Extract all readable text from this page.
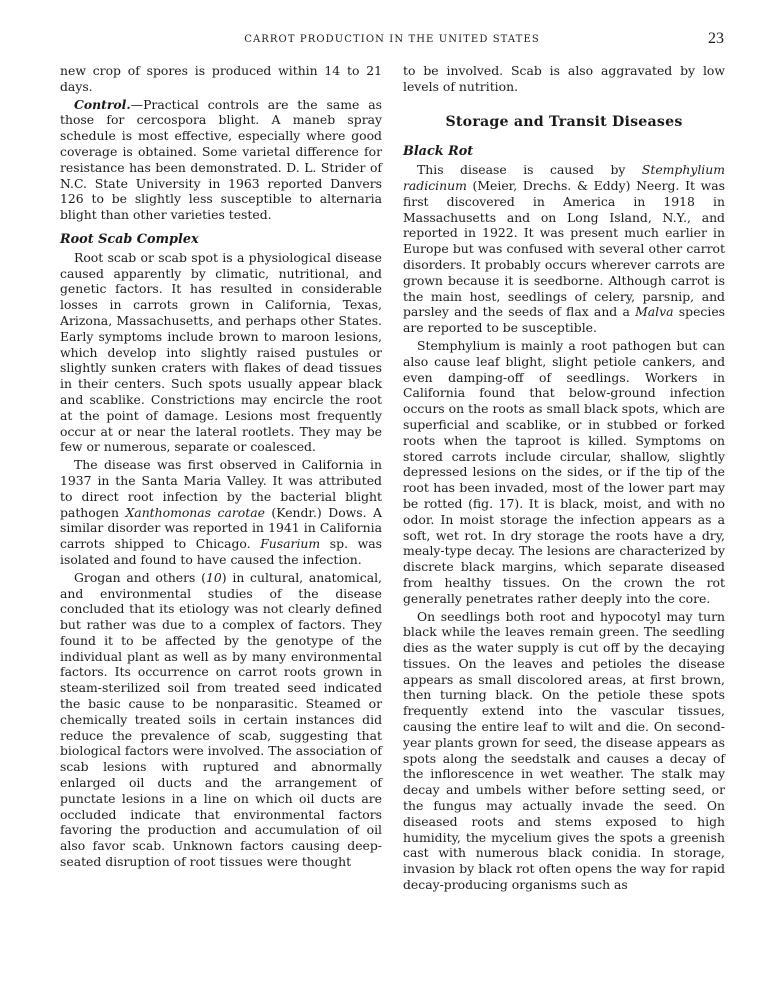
CARROT PRODUCTION IN THE UNITED STATES	23

new crop of spores is produced within 14 to 21 days.

Control.—Practical controls are the same as those for cercospora blight. A maneb spray schedule is most effective, especially where good coverage is obtained. Some varietal difference for resistance has been demonstrated. D. L. Strider of N.C. State University in 1963 reported Danvers 126 to be slightly less susceptible to alternaria blight than other varieties tested.

Root Scab Complex

Root scab or scab spot is a physiological disease caused apparently by climatic, nutritional, and genetic factors. It has resulted in considerable losses in carrots grown in California, Texas, Arizona, Massachusetts, and perhaps other States. Early symptoms include brown to maroon lesions, which develop into slightly raised pustules or slightly sunken craters with flakes of dead tissues in their centers. Such spots usually appear black and scablike. Constrictions may encircle the root at the point of damage. Lesions most frequently occur at or near the lateral rootlets. They may be few or numerous, separate or coalesced.

The disease was first observed in California in 1937 in the Santa Maria Valley. It was attributed to direct root infection by the bacterial blight pathogen Xanthomonas carotae (Kendr.) Dows. A similar disorder was reported in 1941 in California carrots shipped to Chicago. Fusarium sp. was isolated and found to have caused the infection.

Grogan and others (10) in cultural, anatomical, and environmental studies of the disease concluded that its etiology was not clearly defined but rather was due to a complex of factors. They found it to be affected by the genotype of the individual plant as well as by many environmental factors. Its occurrence on carrot roots grown in steam-sterilized soil from treated seed indicated the basic cause to be nonparasitic. Steamed or chemically treated soils in certain instances did reduce the prevalence of scab, suggesting that biological factors were involved. The association of scab lesions with ruptured and abnormally enlarged oil ducts and the arrangement of punctate lesions in a line on which oil ducts are occluded indicate that environmental factors favoring the production and accumulation of oil also favor scab. Unknown factors causing deep-seated disruption of root tissues were thought

to be involved. Scab is also aggravated by low levels of nutrition.

Storage and Transit Diseases
Black Rot

This disease is caused by Stemphylium radicinum (Meier, Drechs. & Eddy) Neerg. It was first discovered in America in 1918 in Massachusetts and on Long Island, N.Y., and reported in 1922. It was present much earlier in Europe but was confused with several other carrot disorders. It probably occurs wherever carrots are grown because it is seedborne. Although carrot is the main host, seedlings of celery, parsnip, and parsley and the seeds of flax and a Malva species are reported to be susceptible.

Stemphylium is mainly a root pathogen but can also cause leaf blight, slight petiole cankers, and even damping-off of seedlings. Workers in California found that below-ground infection occurs on the roots as small black spots, which are superficial and scablike, or in stubbed or forked roots when the taproot is killed. Symptoms on stored carrots include circular, shallow, slightly depressed lesions on the sides, or if the tip of the root has been invaded, most of the lower part may be rotted (fig. 17). It is black, moist, and with no odor. In moist storage the infection appears as a soft, wet rot. In dry storage the roots have a dry, mealy-type decay. The lesions are characterized by discrete black margins, which separate diseased from healthy tissues. On the crown the rot generally penetrates rather deeply into the core.

On seedlings both root and hypocotyl may turn black while the leaves remain green. The seedling dies as the water supply is cut off by the decaying tissues. On the leaves and petioles the disease appears as small discolored areas, at first brown, then turning black. On the petiole these spots frequently extend into the vascular tissues, causing the entire leaf to wilt and die. On second-year plants grown for seed, the disease appears as spots along the seedstalk and causes a decay of the inflorescence in wet weather. The stalk may decay and umbels wither before setting seed, or the fungus may actually invade the seed. On diseased roots and stems exposed to high humidity, the mycelium gives the spots a greenish cast with numerous black conidia. In storage, invasion by black rot often opens the way for rapid decay-producing organisms such as
